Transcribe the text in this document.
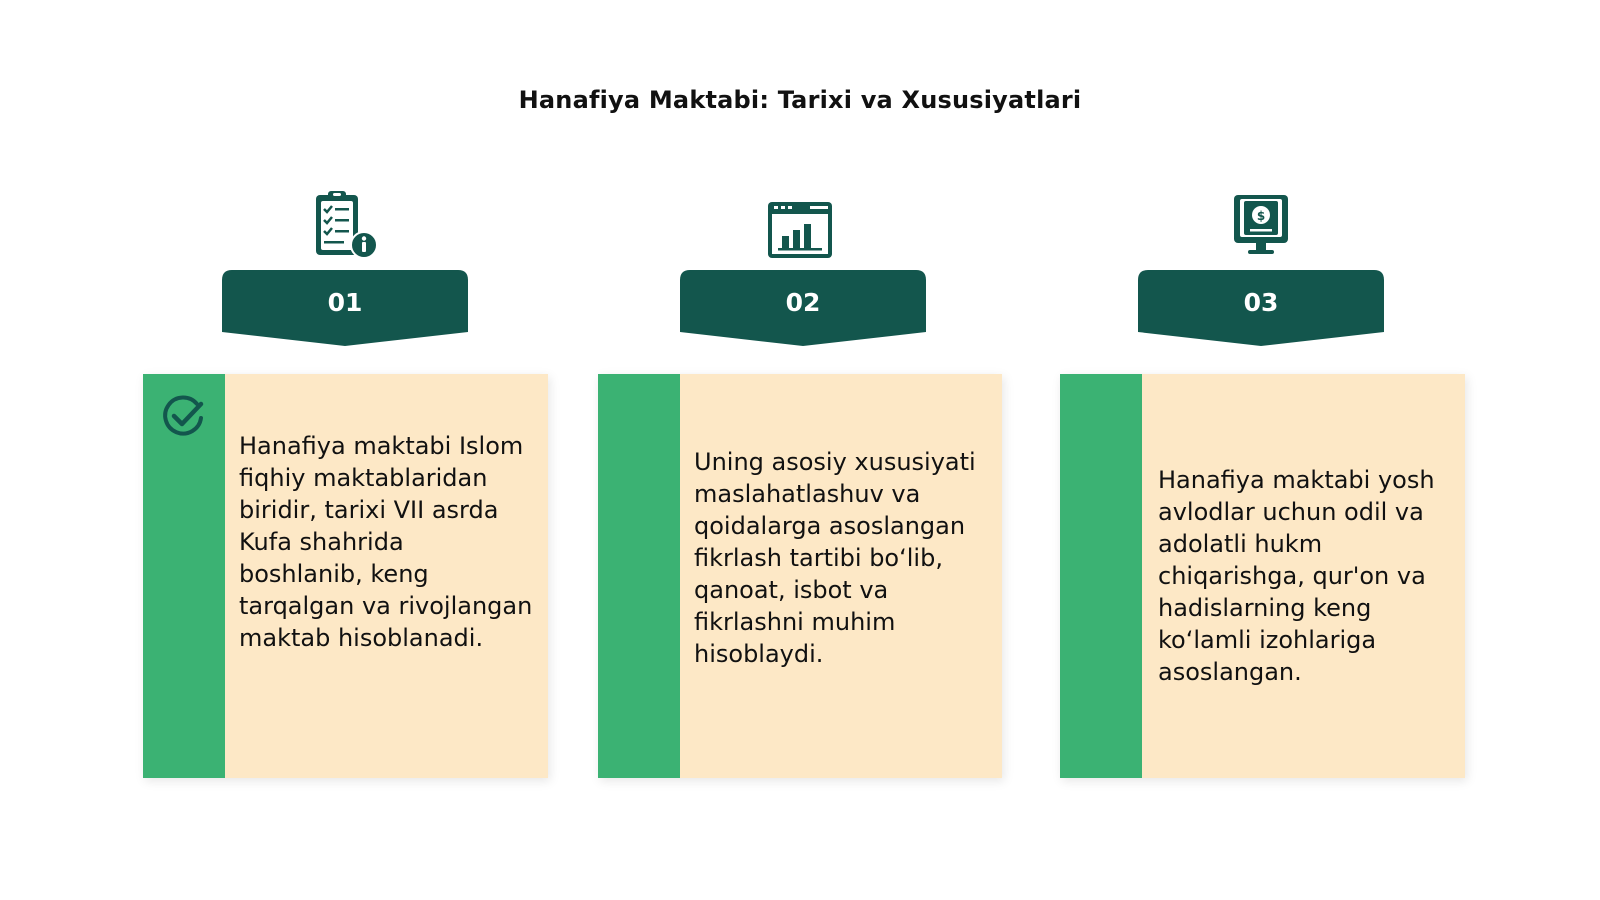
Hanafiya Maktabi: Tarixi va Xususiyatlari
$
01	02	03
Hanafiya maktabi Islom fiqhiy maktablaridan biridir, tarixi VII asrda Kufa shahrida boshlanib, keng tarqalgan va rivojlangan maktab hisoblanadi.
Uning asosiy xususiyati maslahatlashuv va qoidalarga asoslangan fikrlash tartibi bo‘lib, qanoat, isbot va fikrlashni muhim hisoblaydi.
Hanafiya maktabi yosh avlodlar uchun odil va adolatli hukm chiqarishga, qur'on va hadislarning keng ko‘lamli izohlariga asoslangan.
